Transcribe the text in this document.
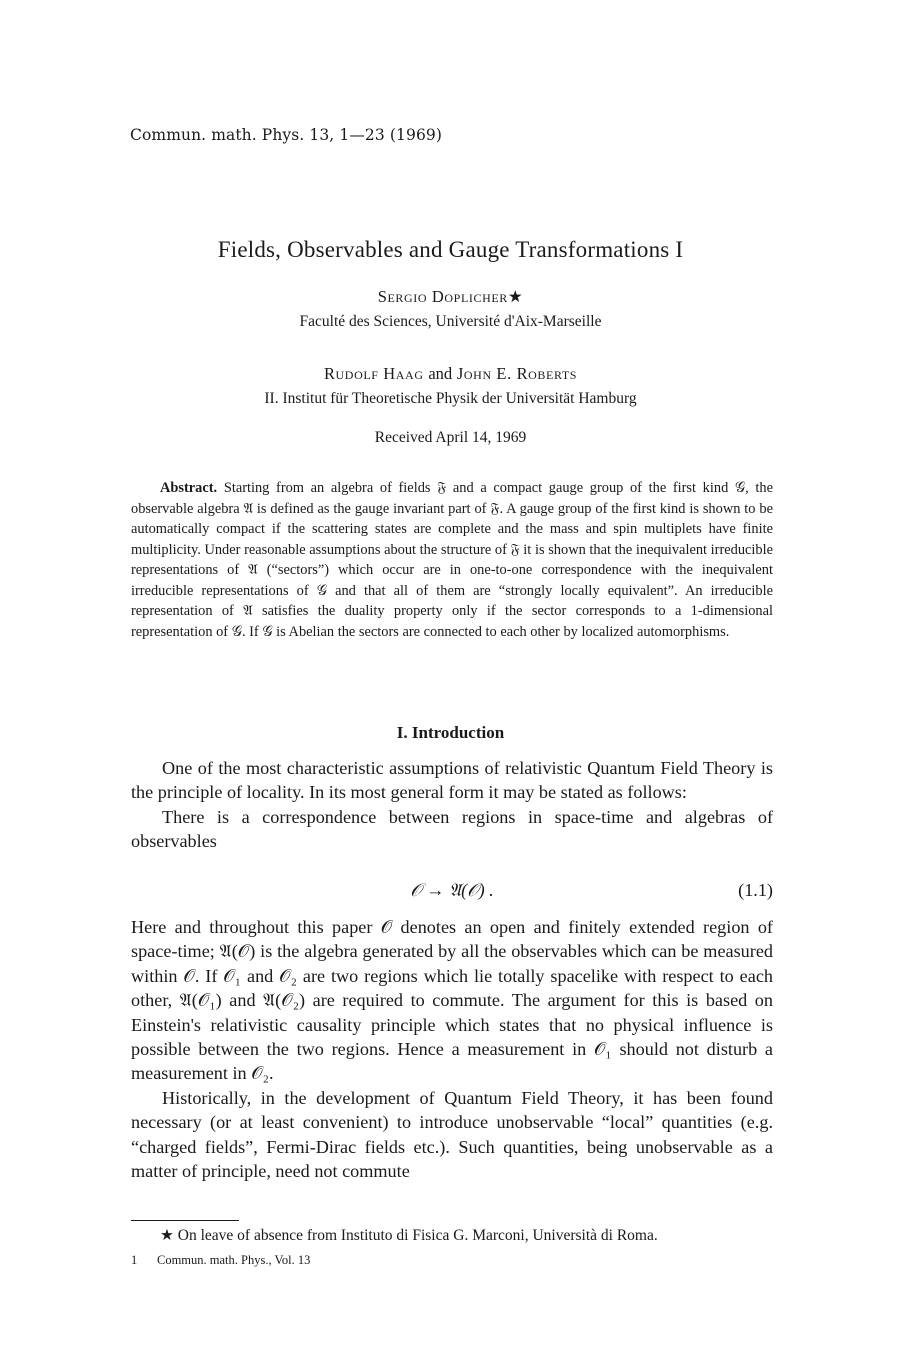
Commun. math. Phys. 13, 1—23 (1969)
Fields, Observables and Gauge Transformations I
Sergio Doplicher★
Faculté des Sciences, Université d'Aix-Marseille
Rudolf Haag and John E. Roberts
II. Institut für Theoretische Physik der Universität Hamburg
Received April 14, 1969
Abstract. Starting from an algebra of fields 𝔉 and a compact gauge group of the first kind 𝒢, the observable algebra 𝔄 is defined as the gauge invariant part of 𝔉. A gauge group of the first kind is shown to be automatically compact if the scattering states are complete and the mass and spin multiplets have finite multiplicity. Under reasonable assumptions about the structure of 𝔉 it is shown that the inequivalent irreducible representations of 𝔄 (“sectors”) which occur are in one-to-one correspondence with the inequivalent irreducible representations of 𝒢 and that all of them are “strongly locally equivalent”. An irreducible representation of 𝔄 satisfies the duality property only if the sector corresponds to a 1-dimensional representation of 𝒢. If 𝒢 is Abelian the sectors are connected to each other by localized automorphisms.
I. Introduction

One of the most characteristic assumptions of relativistic Quantum Field Theory is the principle of locality. In its most general form it may be stated as follows:

There is a correspondence between regions in space-time and algebras of observables

𝒪 → 𝔄(𝒪) .	(1.1)

Here and throughout this paper 𝒪 denotes an open and finitely extended region of space-time; 𝔄(𝒪) is the algebra generated by all the observables which can be measured within 𝒪. If 𝒪₁ and 𝒪₂ are two regions which lie totally spacelike with respect to each other, 𝔄(𝒪₁) and 𝔄(𝒪₂) are required to commute. The argument for this is based on Einstein's relativistic causality principle which states that no physical influence is possible between the two regions. Hence a measurement in 𝒪₁ should not disturb a measurement in 𝒪₂.

Historically, in the development of Quantum Field Theory, it has been found necessary (or at least convenient) to introduce unobservable “local” quantities (e.g. “charged fields”, Fermi-Dirac fields etc.). Such quantities, being unobservable as a matter of principle, need not commute

★ On leave of absence from Instituto di Fisica G. Marconi, Università di Roma.
1 Commun. math. Phys., Vol. 13
